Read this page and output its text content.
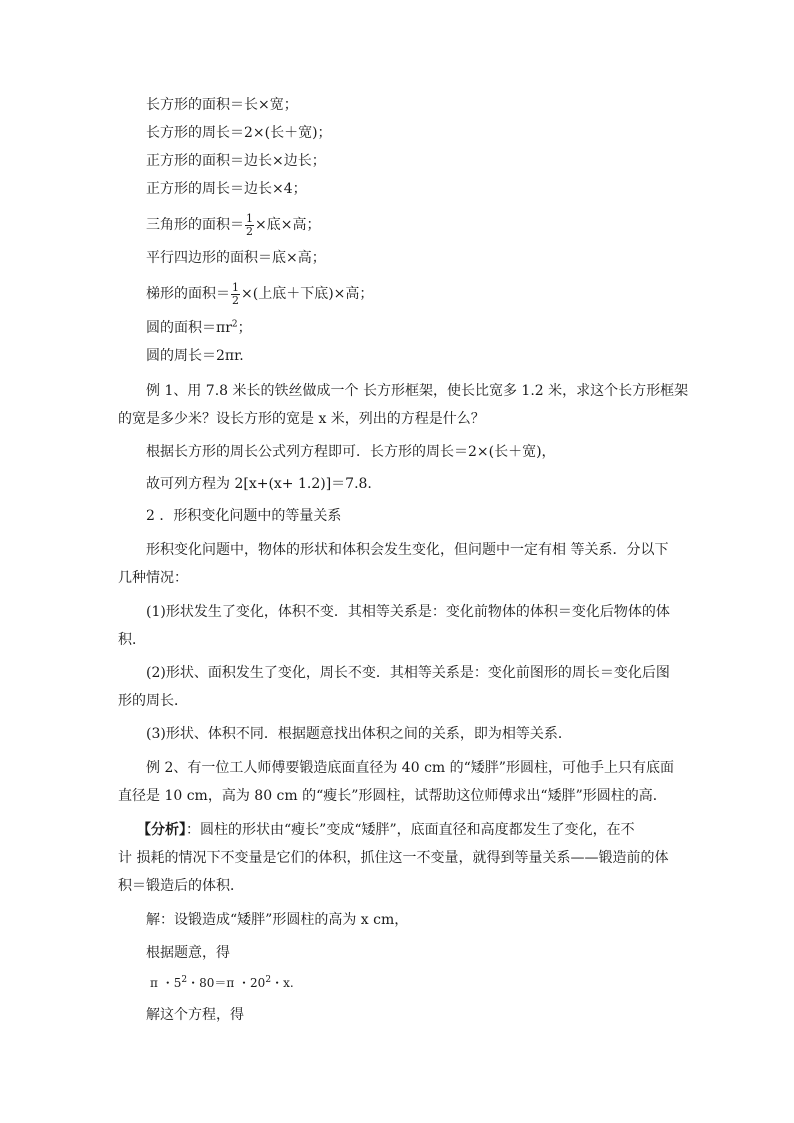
长方形的面积＝长×宽；
长方形的周长＝2×(长＋宽)；
正方形的面积＝边长×边长；
正方形的周长＝边长×4；
三角形的面积＝ $\frac{1}{2}$ ×底×高；
平行四边形的面积＝底×高；
梯形的面积＝ $\frac{1}{2}$ ×(上底＋下底)×高；
圆的面积$=\pi r^2$；
圆的周长＝2πr.
例 1、用 7.8 米长的铁丝做成一个 长方形框架，使长比宽多 1.2 米，求这个长方形框架
的宽是多少米？设长方形的宽是 x 米，列出的方程是什么？
根据长方形的周长公式列方程即可．长方形的周长＝2×(长＋宽)，
故可列方程为 2[x+(x+ 1.2)]＝7.8.
2 ．形积变化问题中的等量关系
形积变化问题中，物体的形状和体积会发生变化，但问题中一定有相 等关系．分以下
几种情况：
(1)形状发生了变化，体积不变．其相等关系是：变化前物体的体积＝变化后物体的体
积．
(2)形状、面积发生了变化，周长不变．其相等关系是：变化前图形的周长＝变化后图
形的周长．
(3)形状、体积不同．根据题意找出体积之间的关系，即为相等关系．
例 2、有一位工人师傅要锻造底面直径为 40 cm 的“矮胖”形圆柱，可他手上只有底面
直径是 10 cm，高为 80 cm 的“瘦长”形圆柱，试帮助这位师傅求出“矮胖”形圆柱的高．
【分析】：圆柱的形状由“瘦长”变成“矮胖”，底面直径和高度都发生了变化，在不
计 损耗的情况下不变量是它们的体积，抓住这一不变量，就得到等量关系——锻造前的体
积＝锻造后的体积．
解：设锻造成“矮胖”形圆柱的高为 x cm，
根据题意，得
π ・$5^2$・80＝π ・$20^2$・x.
解这个方程，得
